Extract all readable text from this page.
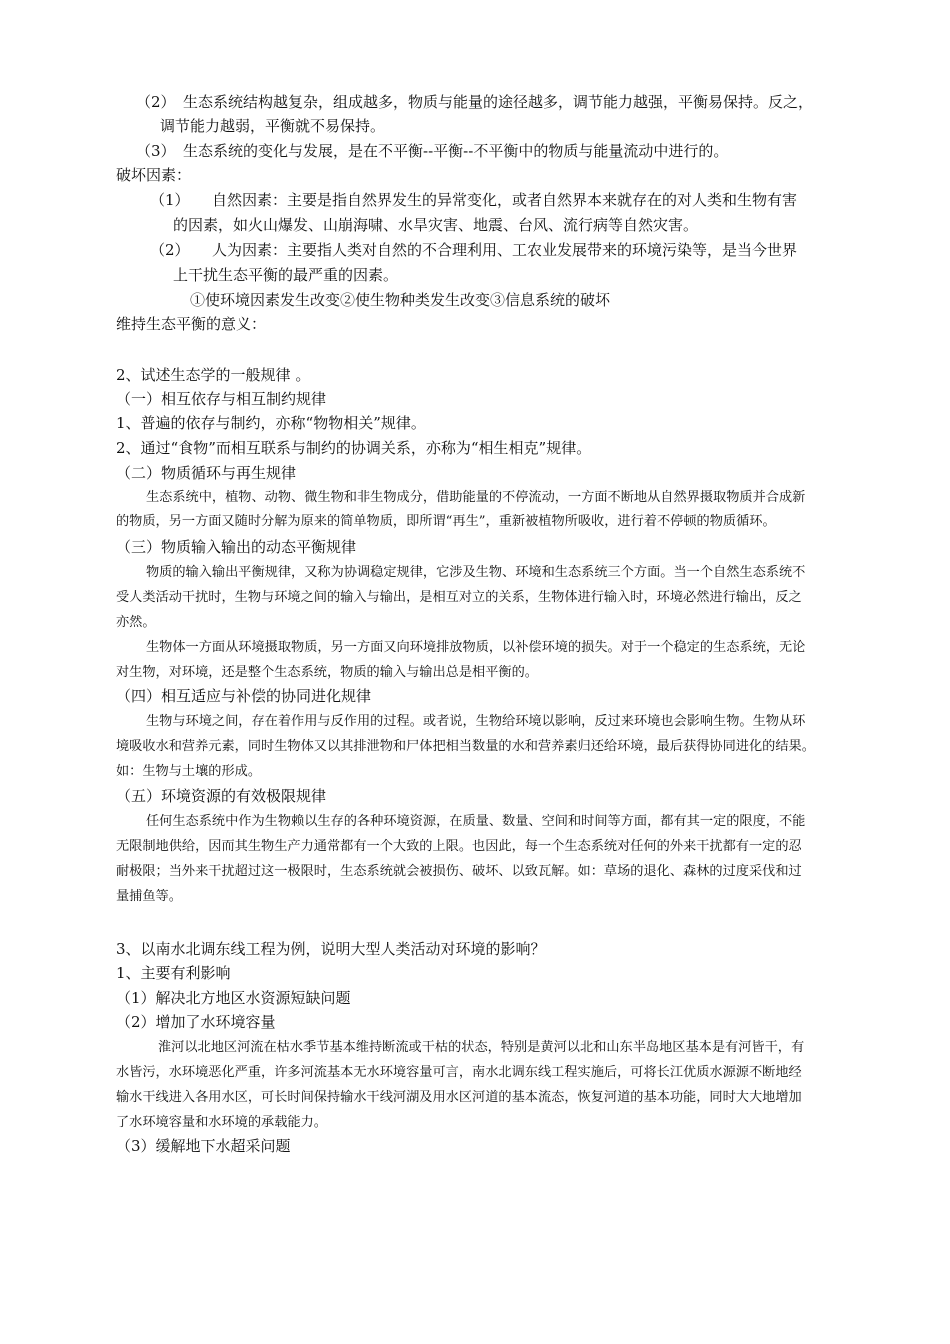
（2）　生态系统结构越复杂，组成越多，物质与能量的途径越多，调节能力越强，平衡易保持。反之，
调节能力越弱，平衡就不易保持。
（3）　生态系统的变化与发展，是在不平衡--平衡--不平衡中的物质与能量流动中进行的。
破坏因素：
（1）　　自然因素：主要是指自然界发生的异常变化，或者自然界本来就存在的对人类和生物有害
的因素，如火山爆发、山崩海啸、水旱灾害、地震、台风、流行病等自然灾害。
（2）　　人为因素：主要指人类对自然的不合理利用、工农业发展带来的环境污染等，是当今世界
上干扰生态平衡的最严重的因素。
①使环境因素发生改变②使生物种类发生改变③信息系统的破坏
维持生态平衡的意义：
2、试述生态学的一般规律 。
（一）相互依存与相互制约规律
1、普遍的依存与制约，亦称“物物相关”规律。
2、通过“食物”而相互联系与制约的协调关系，亦称为“相生相克”规律。
（二）物质循环与再生规律
生态系统中，植物、动物、微生物和非生物成分，借助能量的不停流动，一方面不断地从自然界摄取物质并合成新
的物质，另一方面又随时分解为原来的简单物质，即所谓“再生”，重新被植物所吸收，进行着不停顿的物质循环。
（三）物质输入输出的动态平衡规律
物质的输入输出平衡规律，又称为协调稳定规律，它涉及生物、环境和生态系统三个方面。当一个自然生态系统不
受人类活动干扰时，生物与环境之间的输入与输出，是相互对立的关系，生物体进行输入时，环境必然进行输出，反之
亦然。
生物体一方面从环境摄取物质，另一方面又向环境排放物质，以补偿环境的损失。对于一个稳定的生态系统，无论
对生物，对环境，还是整个生态系统，物质的输入与输出总是相平衡的。
（四）相互适应与补偿的协同进化规律
生物与环境之间，存在着作用与反作用的过程。或者说，生物给环境以影响，反过来环境也会影响生物。生物从环
境吸收水和营养元素，同时生物体又以其排泄物和尸体把相当数量的水和营养素归还给环境，最后获得协同进化的结果。
如：生物与土壤的形成。
（五）环境资源的有效极限规律
任何生态系统中作为生物赖以生存的各种环境资源，在质量、数量、空间和时间等方面，都有其一定的限度，不能
无限制地供给，因而其生物生产力通常都有一个大致的上限。也因此，每一个生态系统对任何的外来干扰都有一定的忍
耐极限；当外来干扰超过这一极限时，生态系统就会被损伤、破坏、以致瓦解。如：草场的退化、森林的过度采伐和过
量捕鱼等。
3、以南水北调东线工程为例，说明大型人类活动对环境的影响？
1、主要有利影响
（1）解决北方地区水资源短缺问题
（2）增加了水环境容量
淮河以北地区河流在枯水季节基本维持断流或干枯的状态，特别是黄河以北和山东半岛地区基本是有河皆干，有
水皆污，水环境恶化严重，许多河流基本无水环境容量可言，南水北调东线工程实施后，可将长江优质水源源不断地经
输水干线进入各用水区，可长时间保持输水干线河湖及用水区河道的基本流态，恢复河道的基本功能，同时大大地增加
了水环境容量和水环境的承载能力。
（3）缓解地下水超采问题
